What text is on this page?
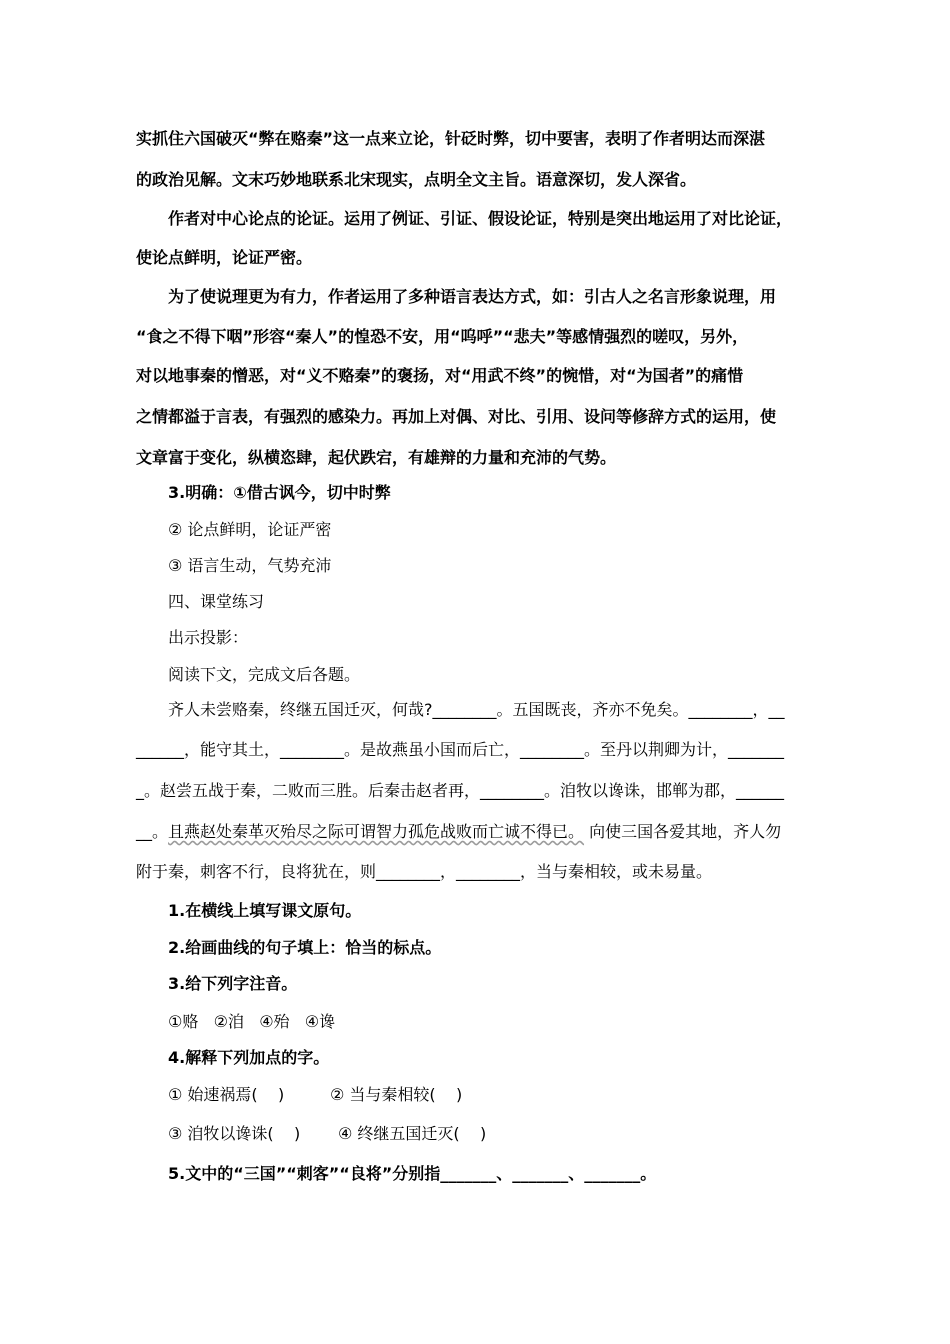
实抓住六国破灭“弊在赂秦”这一点来立论，针砭时弊，切中要害，表明了作者明达而深湛
的政治见解。文末巧妙地联系北宋现实，点明全文主旨。语意深切，发人深省。
作者对中心论点的论证。运用了例证、引证、假设论证，特别是突出地运用了对比论证，
使论点鲜明，论证严密。
为了使说理更为有力，作者运用了多种语言表达方式，如：引古人之名言形象说理，用
“食之不得下咽”形容“秦人”的惶恐不安，用“呜呼”“悲夫”等感情强烈的嗟叹，另外，
对以地事秦的憎恶，对“义不赂秦”的褒扬，对“用武不终”的惋惜，对“为国者”的痛惜
之情都溢于言表，有强烈的感染力。再加上对偶、对比、引用、设问等修辞方式的运用，使
文章富于变化，纵横恣肆，起伏跌宕，有雄辩的力量和充沛的气势。
3.明确：①借古讽今，切中时弊
② 论点鲜明，论证严密
③ 语言生动，气势充沛
四、课堂练习
出示投影：
阅读下文，完成文后各题。
齐人未尝赂秦，终继五国迁灭，何哉?________。五国既丧，齐亦不免矣。________，__
______，能守其土，________。是故燕虽小国而后亡，________。至丹以荆卿为计，_______
_。赵尝五战于秦，二败而三胜。后秦击赵者再，________。洎牧以谗诛，邯郸为郡，______
__。且燕赵处秦革灭殆尽之际可谓智力孤危战败而亡诚不得已。 向使三国各爱其地，齐人勿
附于秦，刺客不行，良将犹在，则________，________，当与秦相较，或未易量。
1.在横线上填写课文原句。
2.给画曲线的句子填上：恰当的标点。
3.给下列字注音。
①赂   ②洎   ④殆   ④谗
4.解释下列加点的字。
① 始速祸焉(    )	② 当与秦相较(    )
③ 洎牧以谗诛(    ) ④ 终继五国迁灭(    )
5.文中的“三国”“刺客”“良将”分别指_______、_______、_______。
